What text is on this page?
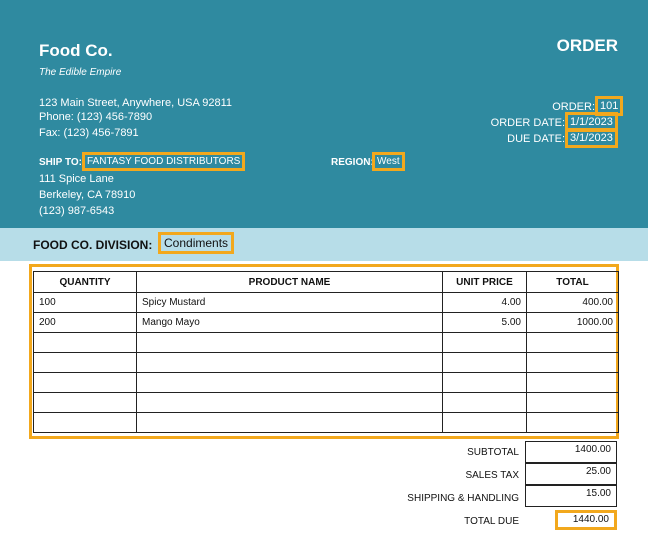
Food Co.
The Edible Empire
123 Main Street, Anywhere, USA 92811
Phone: (123) 456-7890
Fax: (123) 456-7891
ORDER
ORDER: 101
ORDER DATE: 1/1/2023
DUE DATE: 3/1/2023
SHIP TO: FANTASY FOOD DISTRIBUTORS
111 Spice Lane
Berkeley, CA 78910
(123) 987-6543
REGION: West
FOOD CO. DIVISION: Condiments
QUANTITY	PRODUCT NAME	UNIT PRICE	TOTAL
100	Spicy Mustard	4.00	400.00
200	Mango Mayo	5.00	1000.00

SUBTOTAL	1400.00
SALES TAX	25.00
SHIPPING & HANDLING	15.00
TOTAL DUE	1440.00
